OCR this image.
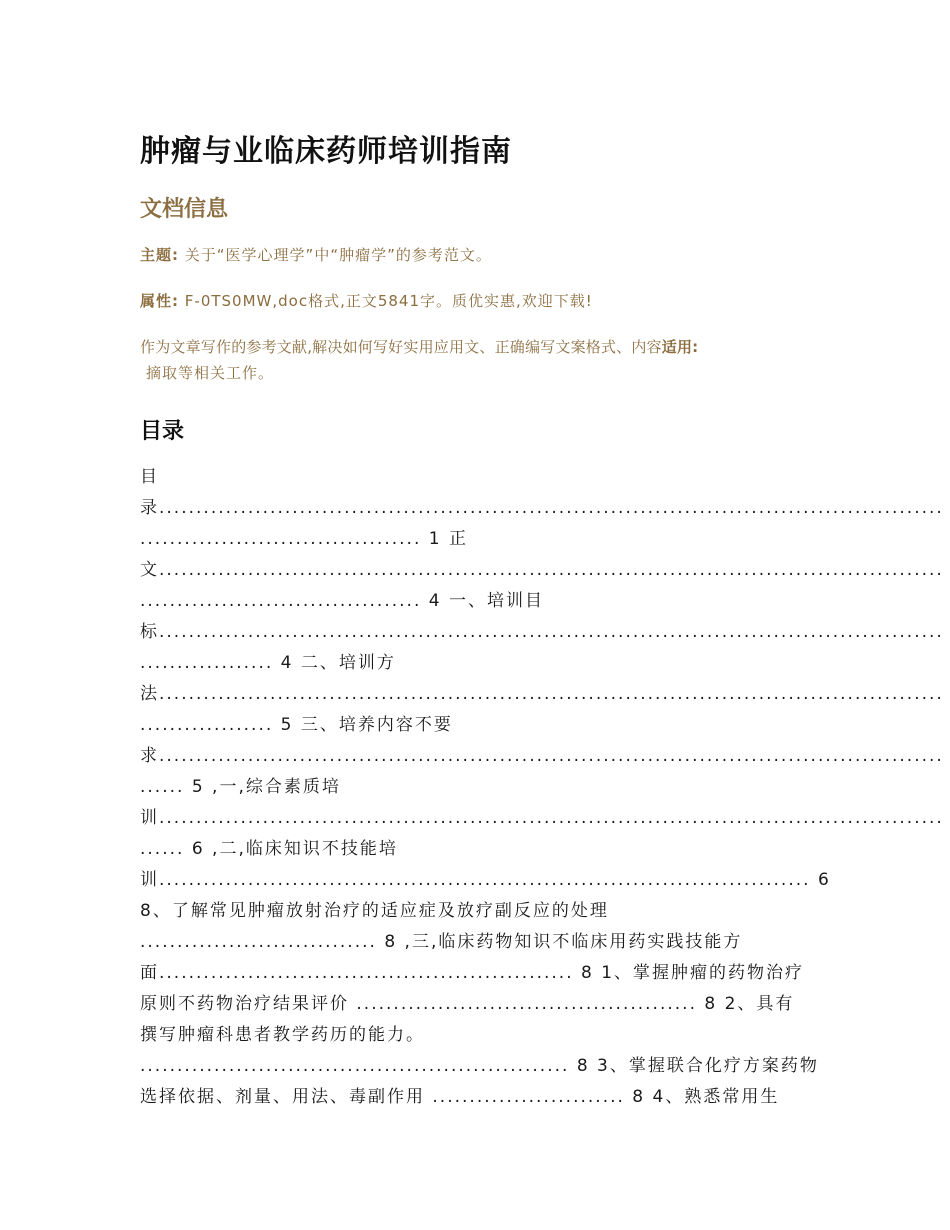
肿瘤与业临床药师培训指南
文档信息
主题: 关于“医学心理学”中“肿瘤学”的参考范文。
属性: F-0TS0MW,doc格式,正文5841字。质优实惠,欢迎下载!
作为文章写作的参考文献,解决如何写好实用应用文、正确编写文案格式、内容适用:
摘取等相关工作。
目录
目
录..........................................................................................................
...................................... 1 正
文..........................................................................................................
...................................... 4 一、培训目
标..........................................................................................................
.................. 4 二、培训方
法..........................................................................................................
.................. 5 三、培养内容不要
求..........................................................................................................
...... 5 ,一,综合素质培
训..........................................................................................................
...... 6 ,二,临床知识不技能培
训........................................................................................ 6
8、了解常见肿瘤放射治疗的适应症及放疗副反应的处理
................................ 8 ,三,临床药物知识不临床用药实践技能方
面........................................................ 8 1、掌握肿瘤的药物治疗
原则不药物治疗结果评价 .............................................. 8 2、具有
撰写肿瘤科患者教学药历的能力。
.......................................................... 8 3、掌握联合化疗方案药物
选择依据、剂量、用法、毒副作用 .......................... 8 4、熟悉常用生
